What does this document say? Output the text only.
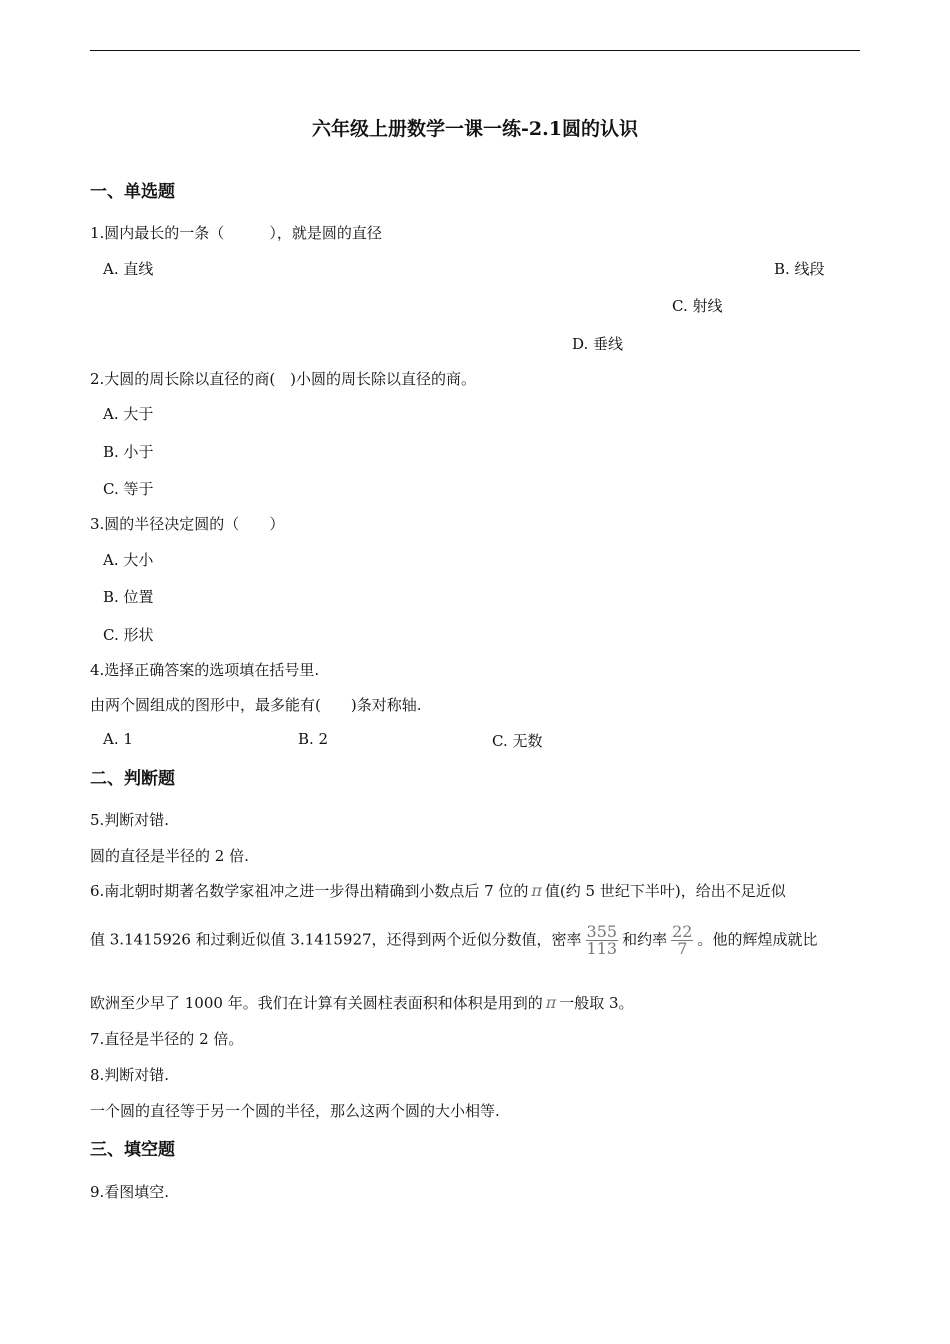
六年级上册数学一课一练-2.1圆的认识
一、单选题
1.圆内最长的一条（　　　），就是圆的直径
A. 直线	B. 线段
C. 射线
D. 垂线
2.大圆的周长除以直径的商(　)小圆的周长除以直径的商。
A. 大于
B. 小于
C. 等于
3.圆的半径决定圆的（　　）
A. 大小
B. 位置
C. 形状
4.选择正确答案的选项填在括号里.
由两个圆组成的图形中，最多能有(　　)条对称轴.
A. 1	B. 2	C. 无数
二、判断题
5.判断对错.
圆的直径是半径的 2 倍.
6.南北朝时期著名数学家祖冲之进一步得出精确到小数点后 7 位的 π 值(约 5 世纪下半叶)，给出不足近似
值 3.1415926 和过剩近似值 3.1415927，还得到两个近似分数值，密率 $\frac{355}{113}$ 和约率 $\frac{22}{7}$ 。他的辉煌成就比
欧洲至少早了 1000 年。我们在计算有关圆柱表面积和体积是用到的 π 一般取 3。
7.直径是半径的 2 倍。
8.判断对错.
一个圆的直径等于另一个圆的半径，那么这两个圆的大小相等.
三、填空题
9.看图填空.
